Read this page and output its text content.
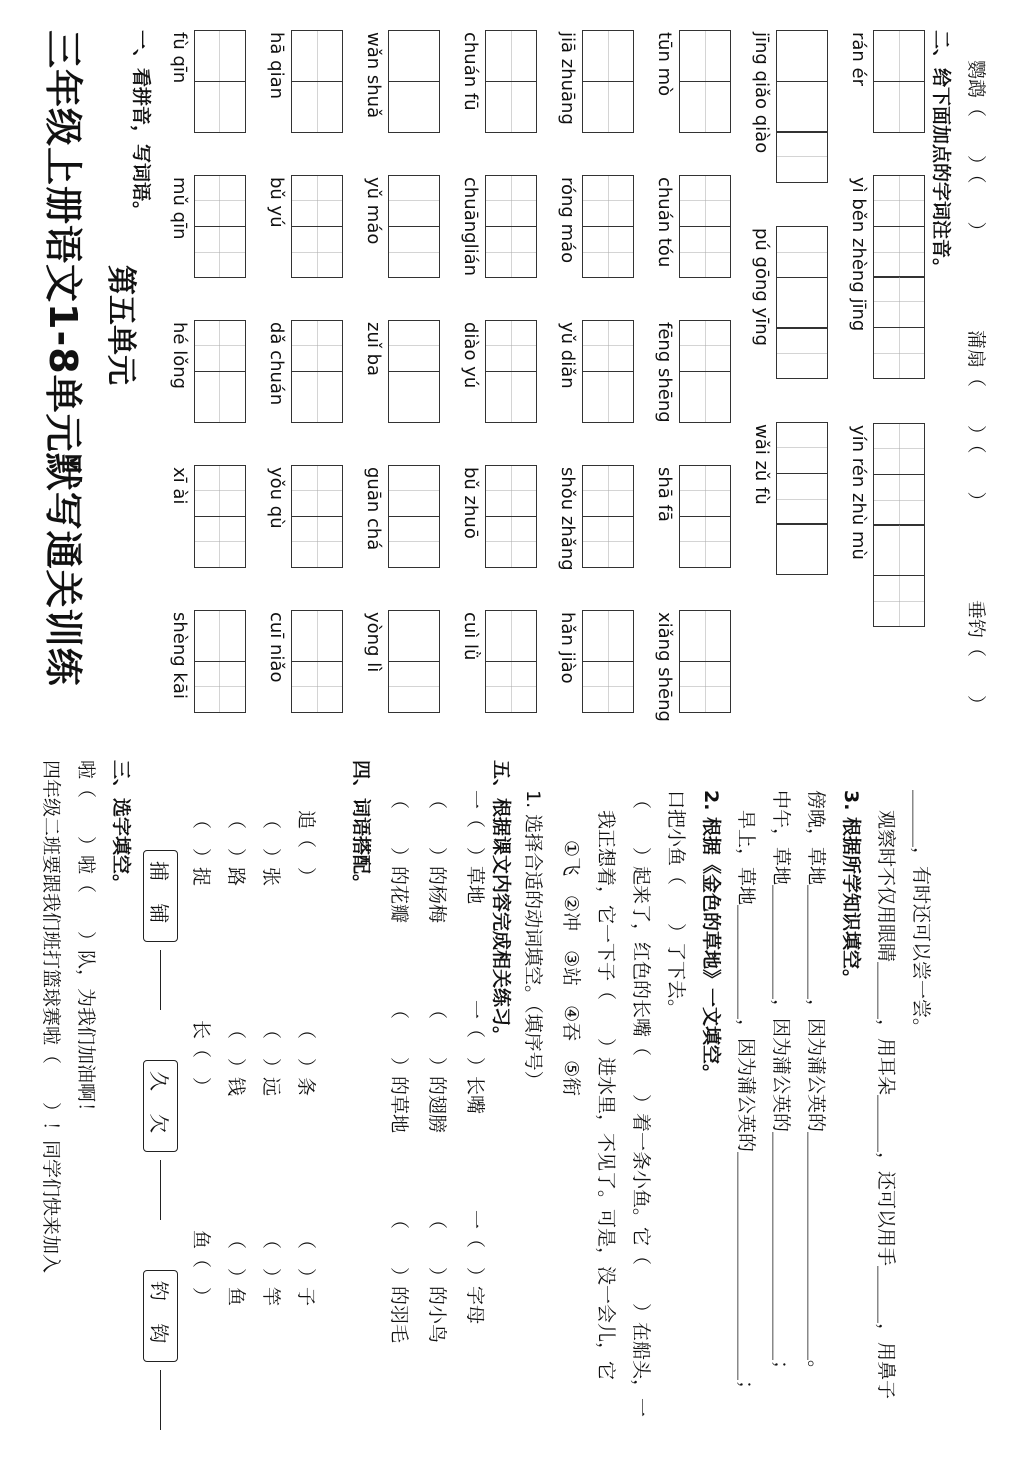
三年级上册语文1-8单元默写通关训练 第五单元
一、看拼音，写词语。 fù qīn
mǔ qīn
hé lǒng
xī ài
shèng kāi
hā qian
bǔ yú
dǎ chuán
yǒu qù
cuī niǎo
wǎn shuǎ
yǔ máo
zuǐ ba
guān chá
yòng lì
chuán fū
chuānglián
diào yú
bǔ zhuō
cuì lǜ
jiā zhuāng
róng máo
yǔ diǎn
shǒu zhǎng
hǎn jiào
tūn mò
chuán tóu
fēng shēng
shā fā
xiǎng shēng
jīng qiǎo qiào
pú gōng yīng
wǎi zǔ fù
rán ér
yì běn zhèng jīng
yín rén zhù mù
二、给下面加点的字词注音。 鹦鹉（　　）（　　）
蒲扇（　　）（　　）
垂钓（　　）
四年级二班要跟我们班打篮球赛啦（　　）！同学们快来加入 啦（　　）啦（　　）队，为我们加油啊！ 三、选字填空。
捕 铺
（　）捉 （　）路 （　）张 追（　）
久 欠
长（　） （　）钱 （　）远 （　）条
钓 钩
鱼（　） （　）鱼 （　）竿 （　）子
四、词语搭配。 （　　）的花瓣
（　　）的草地
（　　）的羽毛
（　　）的杨梅
（　　）的翅膀
（　　）的小鸟
一（　）草地
一（　）长嘴
一（　）字母
五、根据课文内容完成相关练习。 1. 选择合适的动词填空。（填序号） ①飞　②冲　③站　④吞　⑤衔 我正想着，它一下子（　　）进水里，不见了。可是，没一会儿，它 （　　）起来了，红色的长嘴（　　）着一条小鱼。它（　　）在船头，一 口把小鱼（　　）了下去。 2. 根据《金色的草地》一文填空。 早上，草地＿＿＿＿＿＿，因为蒲公英的＿＿＿＿＿＿＿＿＿＿＿＿； 中午，草地＿＿＿＿＿＿，因为蒲公英的＿＿＿＿＿＿＿＿＿＿＿＿； 傍晚，草地＿＿＿＿＿＿，因为蒲公英的＿＿＿＿＿＿＿＿＿＿＿＿。 3. 根据所学知识填空。 观察时不仅用眼睛＿＿＿，用耳朵＿＿＿，还可以用手＿＿＿，用鼻子 ＿＿＿，有时还可以尝一尝。
